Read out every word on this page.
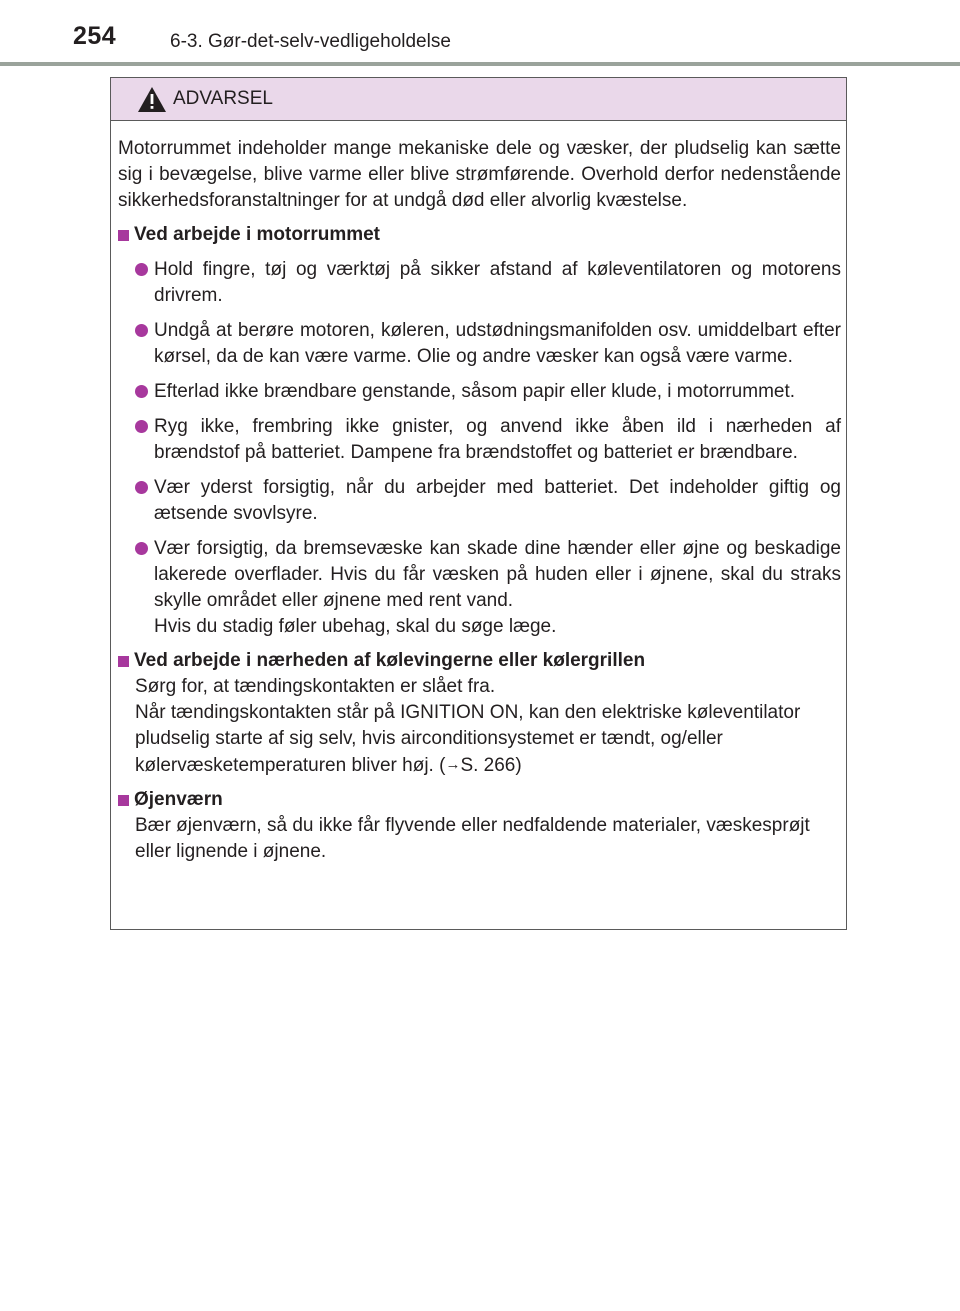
254	6-3. Gør-det-selv-vedligeholdelse
ADVARSEL

Motorrummet indeholder mange mekaniske dele og væsker, der pludselig kan sætte sig i bevægelse, blive varme eller blive strømførende. Overhold derfor nedenstående sikkerhedsforanstaltninger for at undgå død eller alvorlig kvæstelse.

Ved arbejde i motorrummet
Hold fingre, tøj og værktøj på sikker afstand af køleventilatoren og motorens drivrem.
Undgå at berøre motoren, køleren, udstødningsmanifolden osv. umiddelbart efter kørsel, da de kan være varme. Olie og andre væsker kan også være varme.
Efterlad ikke brændbare genstande, såsom papir eller klude, i motorrummet.
Ryg ikke, frembring ikke gnister, og anvend ikke åben ild i nærheden af brændstof på batteriet. Dampene fra brændstoffet og batteriet er brændbare.
Vær yderst forsigtig, når du arbejder med batteriet. Det indeholder giftig og ætsende svovlsyre.
Vær forsigtig, da bremsevæske kan skade dine hænder eller øjne og beskadige lakerede overflader. Hvis du får væsken på huden eller i øjnene, skal du straks skylle området eller øjnene med rent vand.
Hvis du stadig føler ubehag, skal du søge læge.
Ved arbejde i nærheden af kølevingerne eller kølergrillen
Sørg for, at tændingskontakten er slået fra.
Når tændingskontakten står på IGNITION ON, kan den elektriske køleventilator pludselig starte af sig selv, hvis airconditionsystemet er tændt, og/eller kølervæsketemperaturen bliver høj. (→S. 266)
Øjenværn
Bær øjenværn, så du ikke får flyvende eller nedfaldende materialer, væskesprøjt eller lignende i øjnene.
